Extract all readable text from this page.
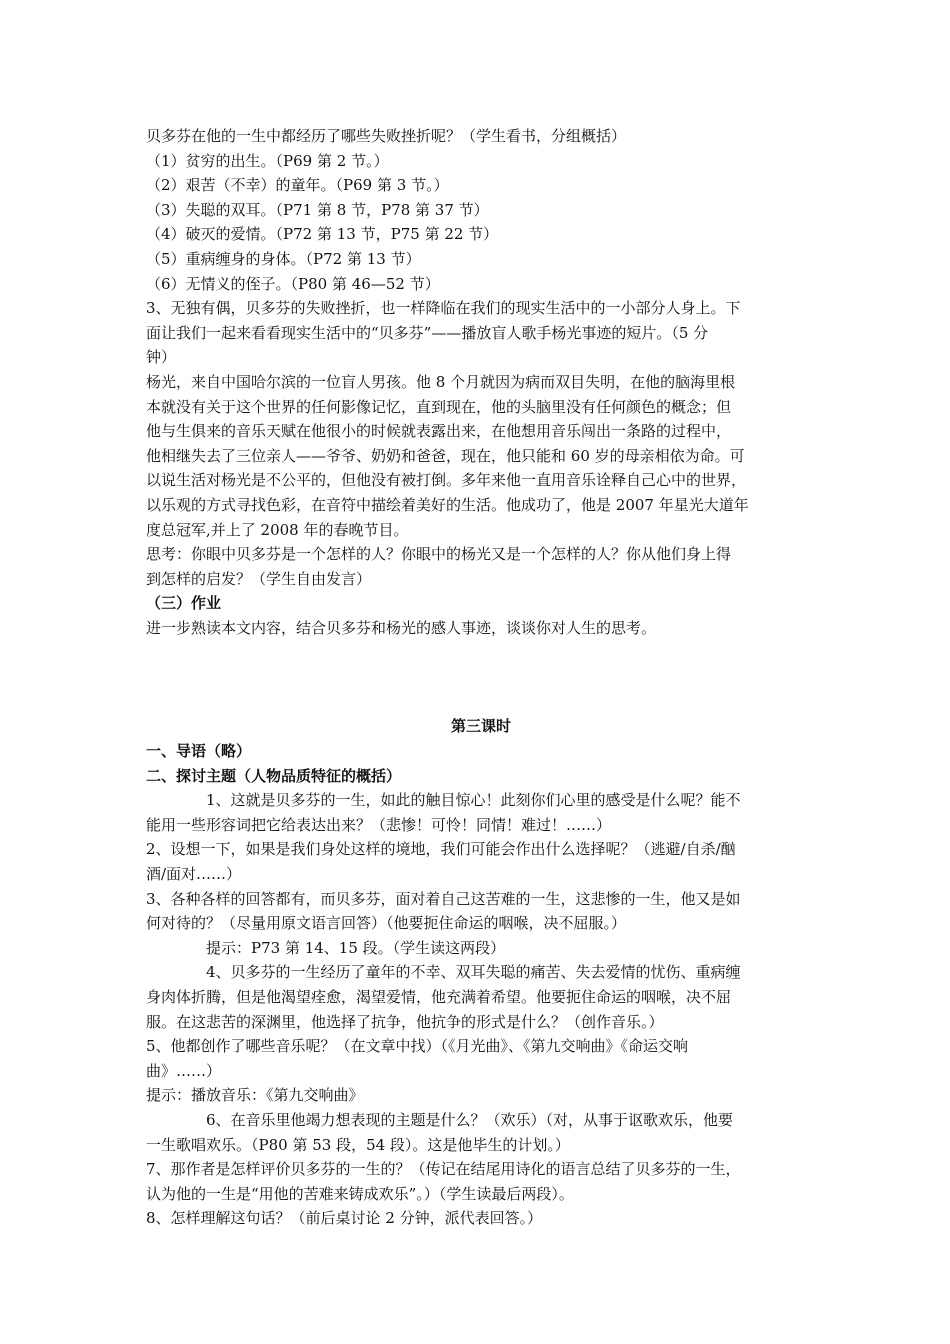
贝多芬在他的一生中都经历了哪些失败挫折呢？（学生看书，分组概括）
（1）贫穷的出生。（P69 第 2 节。）
（2）艰苦（不幸）的童年。（P69 第 3 节。）
（3）失聪的双耳。（P71 第 8 节，P78 第 37 节）
（4）破灭的爱情。（P72 第 13 节，P75 第 22 节）
（5）重病缠身的身体。（P72 第 13 节）
（6）无情义的侄子。（P80 第 46—52 节）
3、无独有偶，贝多芬的失败挫折，也一样降临在我们的现实生活中的一小部分人身上。下
面让我们一起来看看现实生活中的“贝多芬”——播放盲人歌手杨光事迹的短片。（5 分
钟）
杨光，来自中国哈尔滨的一位盲人男孩。他 8 个月就因为病而双目失明，在他的脑海里根
本就没有关于这个世界的任何影像记忆，直到现在，他的头脑里没有任何颜色的概念；但
他与生俱来的音乐天赋在他很小的时候就表露出来，在他想用音乐闯出一条路的过程中，
他相继失去了三位亲人——爷爷、奶奶和爸爸，现在，他只能和 60 岁的母亲相依为命。可
以说生活对杨光是不公平的，但他没有被打倒。多年来他一直用音乐诠释自己心中的世界，
以乐观的方式寻找色彩，在音符中描绘着美好的生活。他成功了，他是 2007 年星光大道年
度总冠军,并上了 2008 年的春晚节目。
思考：你眼中贝多芬是一个怎样的人？你眼中的杨光又是一个怎样的人？你从他们身上得
到怎样的启发？（学生自由发言）
（三）作业
进一步熟读本文内容，结合贝多芬和杨光的感人事迹，谈谈你对人生的思考。
第三课时
一、导语（略）
二、探讨主题（人物品质特征的概括）
1、这就是贝多芬的一生，如此的触目惊心！此刻你们心里的感受是什么呢？能不
能用一些形容词把它给表达出来？（悲惨！可怜！同情！难过！……）
2、设想一下，如果是我们身处这样的境地，我们可能会作出什么选择呢？（逃避/自杀/酗
酒/面对……）
3、各种各样的回答都有，而贝多芬，面对着自己这苦难的一生，这悲惨的一生，他又是如
何对待的？（尽量用原文语言回答）（他要扼住命运的咽喉，决不屈服。）
提示：P73 第 14、15 段。（学生读这两段）
4、贝多芬的一生经历了童年的不幸、双耳失聪的痛苦、失去爱情的忧伤、重病缠
身肉体折腾，但是他渴望痊愈，渴望爱情，他充满着希望。他要扼住命运的咽喉，决不屈
服。在这悲苦的深渊里，他选择了抗争，他抗争的形式是什么？（创作音乐。）
5、他都创作了哪些音乐呢？（在文章中找）（《月光曲》、《第九交响曲》《命运交响
曲》……）
提示：播放音乐：《第九交响曲》
6、在音乐里他竭力想表现的主题是什么？（欢乐）（对，从事于讴歌欢乐，他要
一生歌唱欢乐。（P80 第 53 段，54 段）。这是他毕生的计划。）
7、那作者是怎样评价贝多芬的一生的？（传记在结尾用诗化的语言总结了贝多芬的一生，
认为他的一生是“用他的苦难来铸成欢乐”。）（学生读最后两段）。
8、怎样理解这句话？（前后桌讨论 2 分钟，派代表回答。）
